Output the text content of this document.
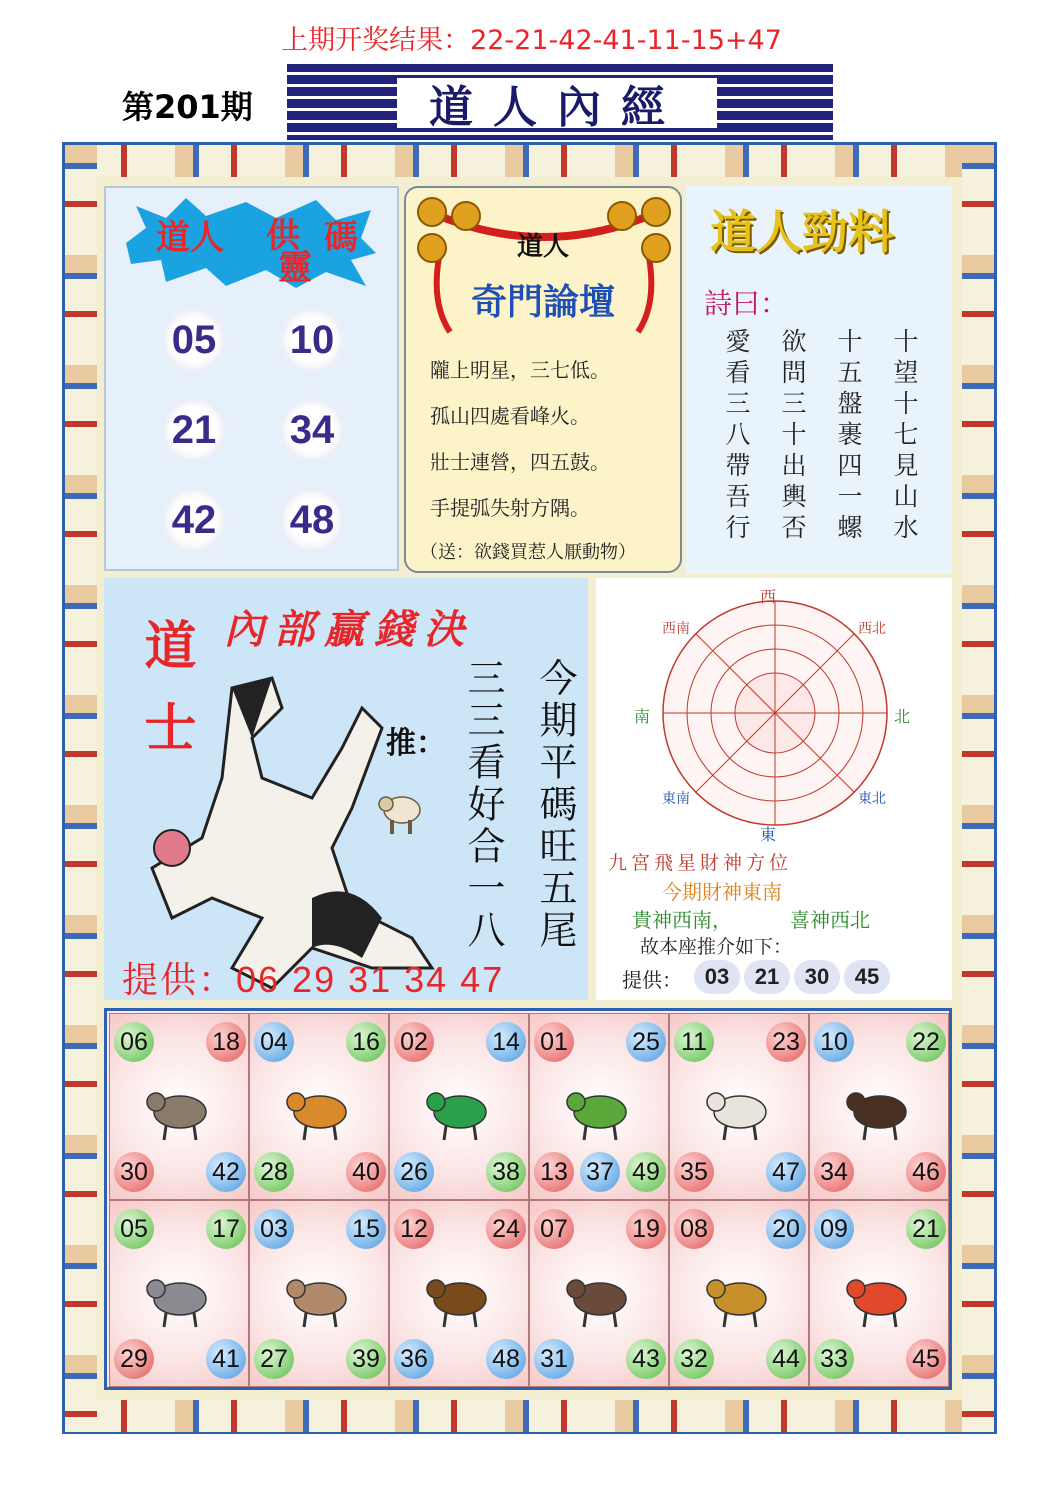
上期开奖结果：22-21-42-41-11-15+47
第201期	道人內經
道人 供
靈
碼
05 10
21 34
42 48
道人
奇門論壇
隴上明星，三七低。
孤山四處看峰火。
壯士連營，四五鼓。
手提弧失射方隅。
（送：欲錢買惹人厭動物）
道人勁料
詩曰：
十望十七見山水
十五盤裹四一螺
欲問三十出輿否
愛看三八帶吾行
內部贏錢決
道士	推： 今期平碼旺五尾
三三看好合一八
提供：06 29 31 34 47
西
東
南	北
西南	西北
東南	東北
九宮飛星財神方位
今期財神東南
貴神西南，	喜神西北
故本座推介如下：
提供：	03	21	30	45
06	18
30	42
04	16
28	40
02	14
26	38
01	25
13	49
37
11	23
35	47
10	22
34	46
05	17
29	41
03	15
27	39
12	24
36	48
07	19
31	43
08	20
32	44
09	21
33	45
